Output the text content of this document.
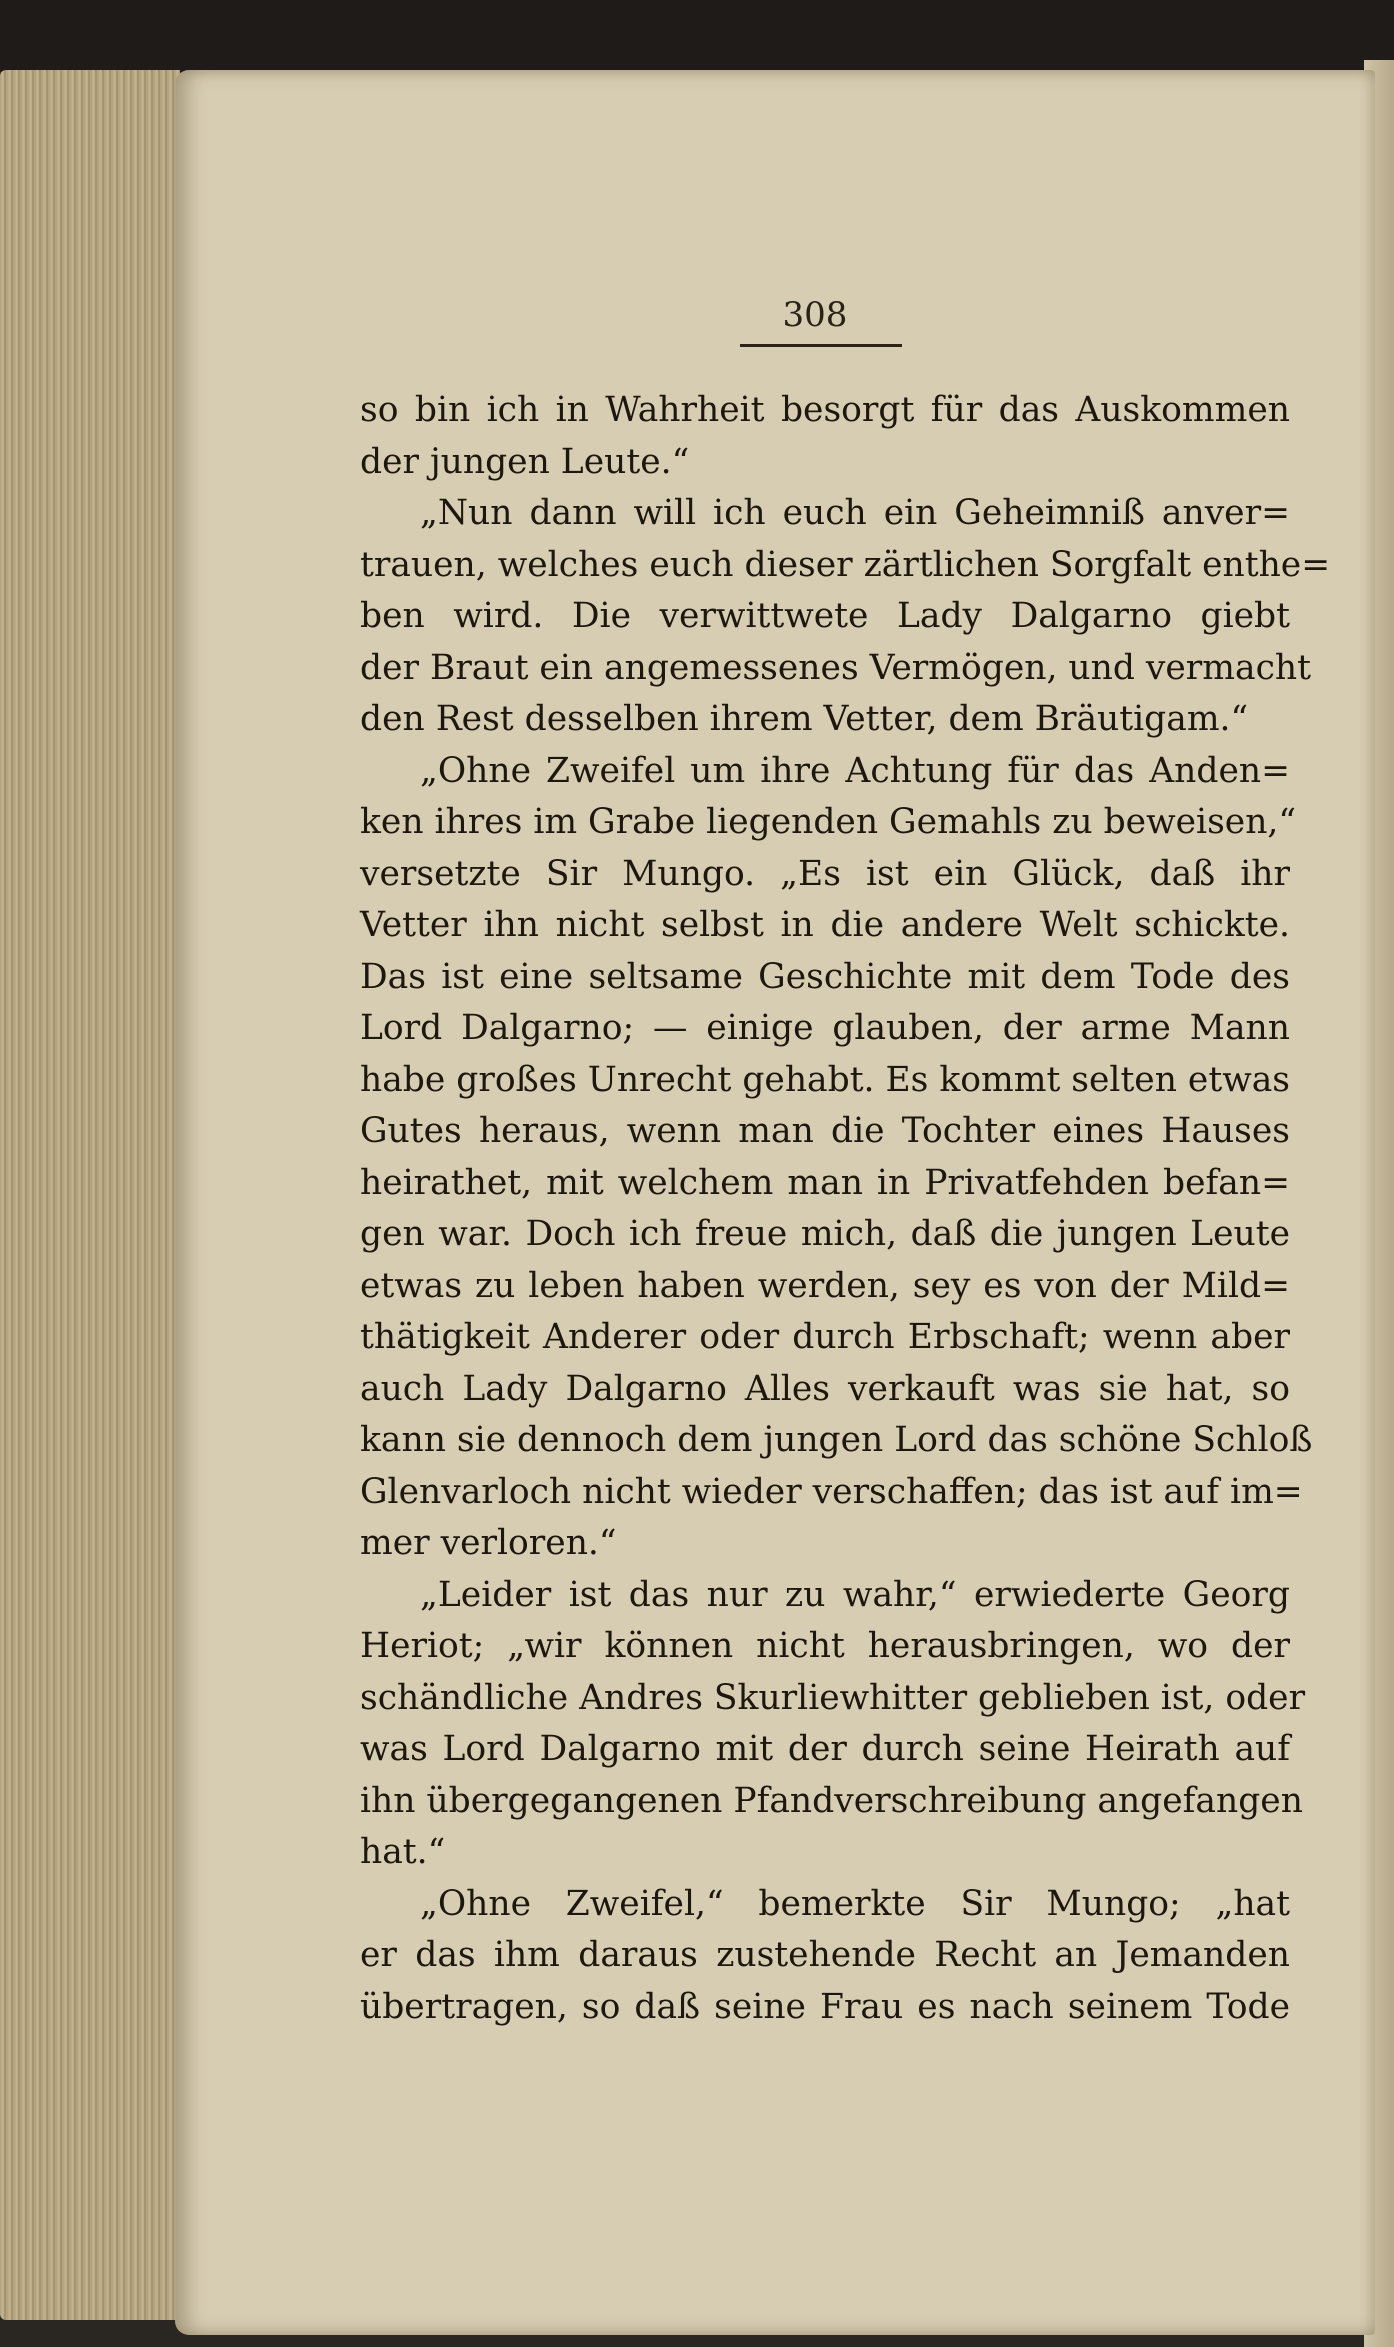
308
so bin ich in Wahrheit besorgt für das Auskommen
der jungen Leute.“
„Nun dann will ich euch ein Geheimniß anver=
trauen, welches euch dieser zärtlichen Sorgfalt enthe=
ben wird. Die verwittwete Lady Dalgarno giebt
der Braut ein angemessenes Vermögen, und vermacht
den Rest desselben ihrem Vetter, dem Bräutigam.“
„Ohne Zweifel um ihre Achtung für das Anden=
ken ihres im Grabe liegenden Gemahls zu beweisen,“
versetzte Sir Mungo. „Es ist ein Glück, daß ihr
Vetter ihn nicht selbst in die andere Welt schickte.
Das ist eine seltsame Geschichte mit dem Tode des
Lord Dalgarno; — einige glauben, der arme Mann
habe großes Unrecht gehabt. Es kommt selten etwas
Gutes heraus, wenn man die Tochter eines Hauses
heirathet, mit welchem man in Privatfehden befan=
gen war. Doch ich freue mich, daß die jungen Leute
etwas zu leben haben werden, sey es von der Mild=
thätigkeit Anderer oder durch Erbschaft; wenn aber
auch Lady Dalgarno Alles verkauft was sie hat, so
kann sie dennoch dem jungen Lord das schöne Schloß
Glenvarloch nicht wieder verschaffen; das ist auf im=
mer verloren.“
„Leider ist das nur zu wahr,“ erwiederte Georg
Heriot; „wir können nicht herausbringen, wo der
schändliche Andres Skurliewhitter geblieben ist, oder
was Lord Dalgarno mit der durch seine Heirath auf
ihn übergegangenen Pfandverschreibung angefangen
hat.“
„Ohne Zweifel,“ bemerkte Sir Mungo; „hat
er das ihm daraus zustehende Recht an Jemanden
übertragen, so daß seine Frau es nach seinem Tode
